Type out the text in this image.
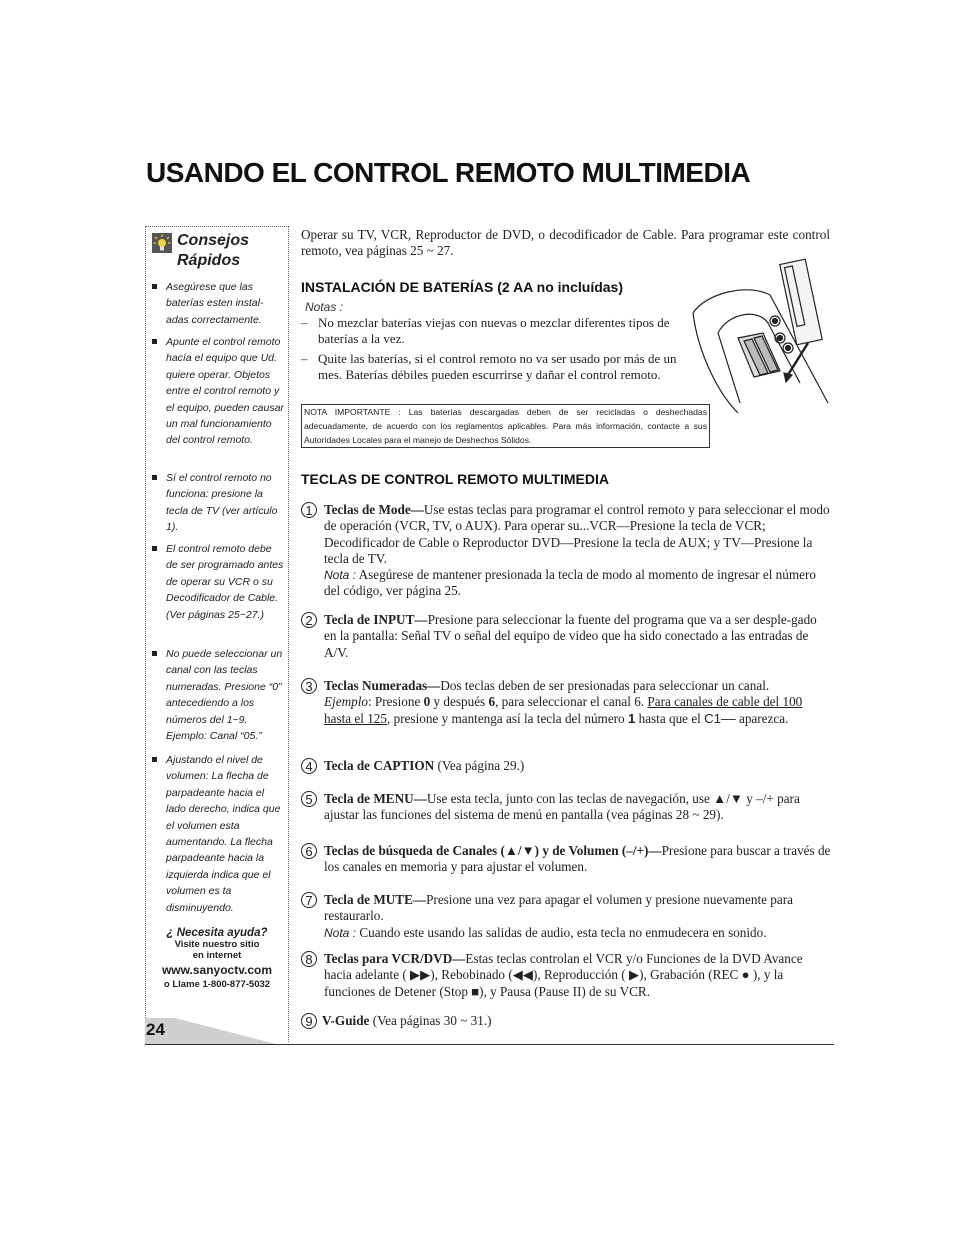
USANDO EL CONTROL REMOTO MULTIMEDIA
Consejos Rápidos
Asegúrese que las baterías esten instal-adas correctamente.
Apunte el control remoto hacía el equipo que Ud. quiere operar. Objetos entre el control remoto y el equipo, pueden causar un mal funcionamiento del control remoto.
Sí el control remoto no funciona: presione la tecla de TV (ver artículo 1).
El control remoto debe de ser programado antes de operar su VCR o su Decodificador de Cable. (Ver páginas 25~27.)
No puede seleccionar un canal con las teclas numeradas. Presione “0” antecediendo a los números del 1~9. Ejemplo: Canal “05.”
Ajustando el nivel de volumen: La flecha de parpadeante hacia el lado derecho, indica que el volumen esta aumentando. La flecha parpadeante hacia la izquierda indica que el volumen es ta disminuyendo.
¿ Necesita ayuda?
Visite nuestro sitio
en internet
www.sanyoctv.com
o Llame 1-800-877-5032
24
Operar su TV, VCR, Reproductor de DVD, o decodificador de Cable. Para programar este control remoto, vea páginas 25 ~ 27.
INSTALACIÓN DE BATERÍAS (2 AA no incluídas)
Notas :
– No mezclar baterías viejas con nuevas o mezclar diferentes tipos de baterías a la vez.
– Quite las baterías, si el control remoto no va ser usado por más de un mes. Baterías débiles pueden escurrirse y dañar el control remoto.
NOTA IMPORTANTE : Las baterías descargadas deben de ser recicladas o deshechadas adecuadamente, de acuerdo con los reglamentos aplicables. Para más información, contacte a sus Autoridades Locales para el manejo de Deshechos Sólidos.
TECLAS DE CONTROL REMOTO MULTIMEDIA
1 Teclas de Mode—Use estas teclas para programar el control remoto y para seleccionar el modo de operación (VCR, TV, o AUX). Para operar su...VCR—Presione la tecla de VCR; Decodificador de Cable o Reproductor DVD—Presione la tecla de AUX; y TV—Presione la tecla de TV.
Nota : Asegúrese de mantener presionada la tecla de modo al momento de ingresar el número del código, ver página 25.
2 Tecla de INPUT—Presione para seleccionar la fuente del programa que va a ser desple-gado en la pantalla: Señal TV o señal del equipo de video que ha sido conectado a las entradas de A/V.
3 Teclas Numeradas—Dos teclas deben de ser presionadas para seleccionar un canal.
Ejemplo: Presione 0 y después 6, para seleccionar el canal 6. Para canales de cable del 100 hasta el 125, presione y mantenga así la tecla del número 1 hasta que el C1–– aparezca.
4 Tecla de CAPTION (Vea página 29.)
5 Tecla de MENU—Use esta tecla, junto con las teclas de navegación, use ▲/▼ y –/+ para ajustar las funciones del sistema de menú en pantalla (vea páginas 28 ~ 29).
6 Teclas de búsqueda de Canales (▲/▼) y de Volumen (–/+)—Presione para buscar a través de los canales en memoria y para ajustar el volumen.
7 Tecla de MUTE—Presione una vez para apagar el volumen y presione nuevamente para restaurarlo.
Nota : Cuando este usando las salidas de audio, esta tecla no enmudecera en sonido.
8 Teclas para VCR/DVD—Estas teclas controlan el VCR y/o Funciones de la DVD Avance hacia adelante ( ▶▶), Rebobinado (◀◀), Reproducción ( ▶), Grabación (REC ● ), y la funciones de Detener (Stop ■), y Pausa (Pause II) de su VCR.
9 V-Guide (Vea páginas 30 ~ 31.)
